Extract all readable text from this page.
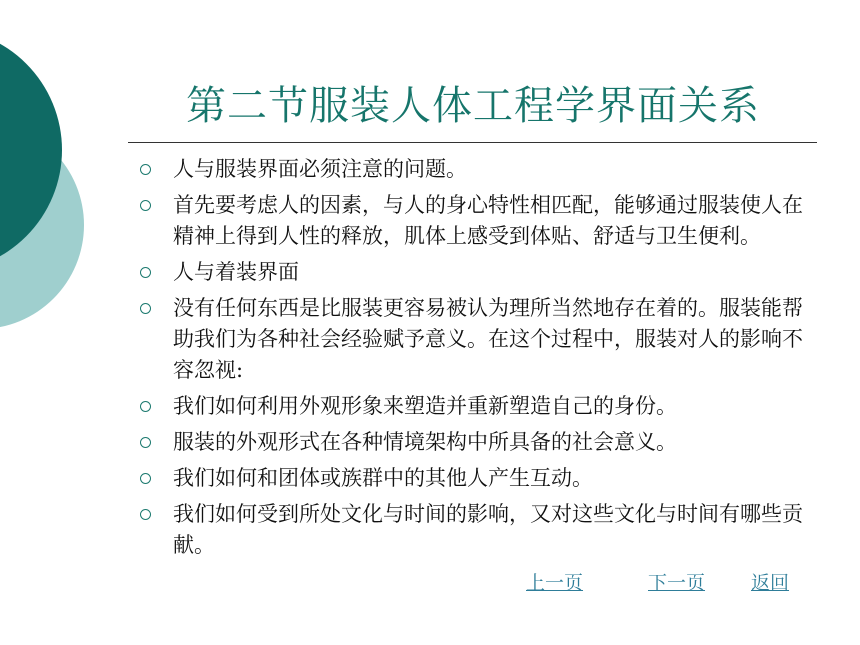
第二节服装人体工程学界面关系
人与服装界面必须注意的问题。
首先要考虑人的因素，与人的身心特性相匹配，能够通过服装使人在精神上得到人性的释放，肌体上感受到体贴、舒适与卫生便利。
人与着装界面
没有任何东西是比服装更容易被认为理所当然地存在着的。服装能帮助我们为各种社会经验赋予意义。在这个过程中，服装对人的影响不容忽视:
我们如何利用外观形象来塑造并重新塑造自己的身份。
服装的外观形式在各种情境架构中所具备的社会意义。
我们如何和团体或族群中的其他人产生互动。
我们如何受到所处文化与时间的影响，又对这些文化与时间有哪些贡献。
上一页	下一页 返回
